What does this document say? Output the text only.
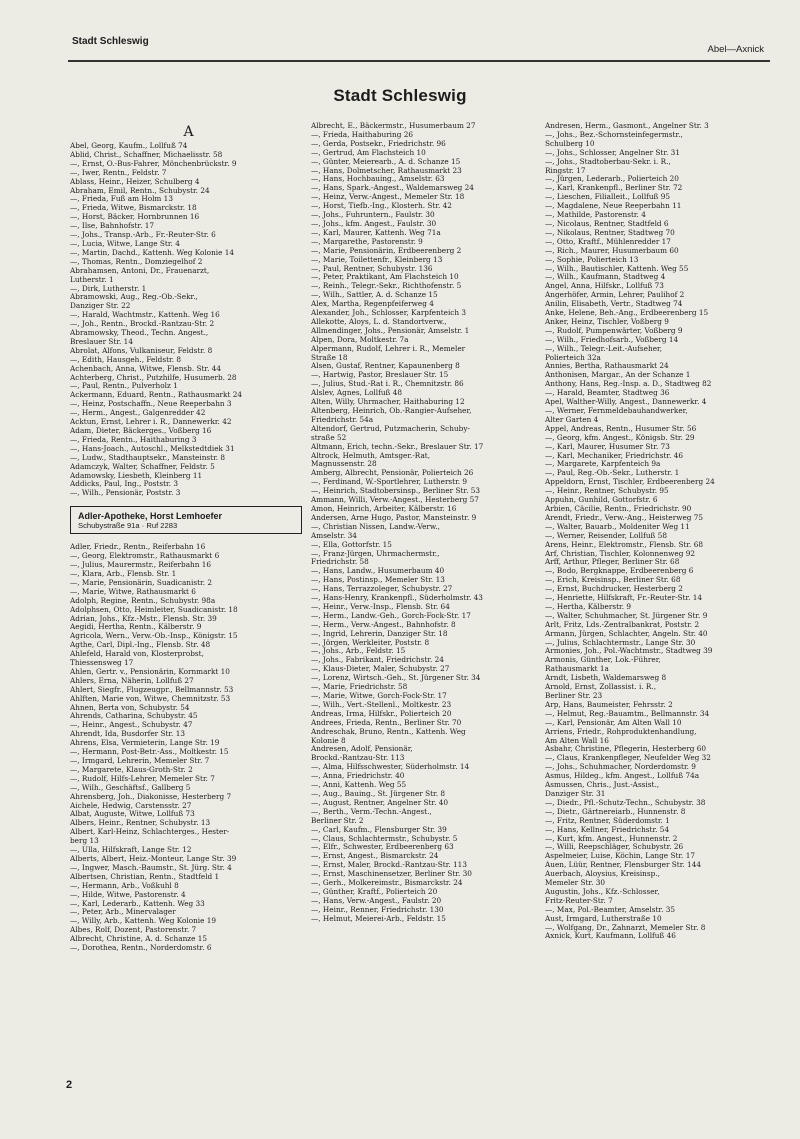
Stadt Schleswig
Abel—Axnick
Stadt Schleswig
A
Abel, Georg, Kaufm., Lollfuß 74
Ablid, Christ., Schaffner, Michaelisstr. 58
—, Ernst, O.-Bus-Fahrer, Mönchenbrückstr. 9
—, Iwer, Rentn., Feldstr. 7
Ablass, Heinr., Heizer, Schulberg 4
Abraham, Emil, Rentn., Schubystr. 24
—, Frieda, Fuß am Holm 13
—, Frieda, Witwe, Bismarckstr. 18
—, Horst, Bäcker, Hornbrunnen 16
—, Ilse, Bahnhofstr. 17
—, Johs., Transp.-Arb., Fr.-Reuter-Str. 6
—, Lucia, Witwe, Lange Str. 4
—, Martin, Dachd., Kattenh. Weg Kolonie 14
—, Thomas, Rentn., Domziegelhof 2
Abrahamsen, Antoni, Dr., Frauenarzt,
Lutherstr. 1
—, Dirk, Lutherstr. 1
Abramowski, Aug., Reg.-Ob.-Sekr.,
Danziger Str. 22
—, Harald, Wachtmstr., Kattenh. Weg 16
—, Joh., Rentn., Brockd.-Rantzau-Str. 2
Abramowsky, Theod., Techn. Angest.,
Breslauer Str. 14
Abrolat, Alfons, Vulkaniseur, Feldstr. 8
—, Edith, Hausgeh., Feldstr. 8
Achenbach, Anna, Witwe, Flensb. Str. 44
Achterberg, Christ., Putzhilfe, Husumerb. 28
—, Paul, Rentn., Pulverholz 1
Ackermann, Eduard, Rentn., Rathausmarkt 24
—, Heinz, Postschaffn., Neue Reeperbahn 3
—, Herm., Angest., Galgenredder 42
Acktun, Ernst, Lehrer i. R., Dannewerkr. 42
Adam, Dieter, Bäckerges., Voßberg 16
—, Frieda, Rentn., Haithaburing 3
—, Hans-Joach., Autoschl., Melkstedtdiek 31
—, Ludw., Stadthauptsekr., Mansteinstr. 8
Adamczyk, Walter, Schaffner, Feldstr. 5
Adamowsky, Liesbeth, Kleinberg 11
Addicks, Paul, Ing., Poststr. 3
—, Wilh., Pensionär, Poststr. 3
Adler-Apotheke, Horst Lemhoefer
Schubystraße 91a · Ruf 2283
Adler, Friedr., Rentn., Reiferbahn 16
—, Georg, Elektromstr., Rathausmarkt 6
—, Julius, Maurermstr., Reiferbahn 16
—, Klara, Arb., Flensb. Str. 1
—, Marie, Pensionärin, Suadicanistr. 2
—, Marie, Witwe, Rathausmarkt 6
Adolph, Regine, Rentn., Schubystr. 98a
Adolphsen, Otto, Heimleiter, Suadicanistr. 18
Adrian, Johs., Kfz.-Mstr., Flensb. Str. 39
Aegidi, Hertha, Rentn., Kälberstr. 9
Agricola, Wern., Verw.-Ob.-Insp., Königstr. 15
Agthe, Carl, Dipl.-Ing., Flensb. Str. 48
Ahlefeld, Harald von, Klosterprobst,
Thiessensweg 17
Ahlen, Gertr. v., Pensionärin, Kornmarkt 10
Ahlers, Erna, Näherin, Lollfuß 27
Ahlert, Siegfr., Flugzeugpr., Bellmannstr. 53
Ahlften, Marie von, Witwe, Chemnitzstr. 53
Ahnen, Berta von, Schubystr. 54
Ahrends, Catharina, Schubystr. 45
—, Heinr., Angest., Schubystr. 47
Ahrendt, Ida, Busdorfer Str. 13
Ahrens, Elsa, Vermieterin, Lange Str. 19
—, Hermann, Post-Betr.-Ass., Moltkestr. 15
—, Irmgard, Lehrerin, Memeler Str. 7
—, Margarete, Klaus-Groth-Str. 2
—, Rudolf, Hilfs-Lehrer, Memeler Str. 7
—, Wilh., Geschäftsf., Gallberg 5
Ahrensberg, Joh., Diakonisse, Hesterberg 7
Aichele, Hedwig, Carstensstr. 27
Albat, Auguste, Witwe, Lollfuß 73
Albers, Heinr., Rentner, Schubystr. 13
Albert, Karl-Heinz, Schlachterges., Hester-
berg 13
—, Ulla, Hilfskraft, Lange Str. 12
Alberts, Albert, Heiz.-Monteur, Lange Str. 39
—, Ingwer, Masch.-Baumstr., St. Jürg. Str. 4
Albertsen, Christian, Rentn., Stadtfeld 1
—, Hermann, Arb., Voßkuhl 8
—, Hilde, Witwe, Pastorenstr. 4
—, Karl, Lederarb., Kattenh. Weg 33
—, Peter, Arb., Minervalager
—, Willy, Arb., Kattenh. Weg Kolonie 19
Albes, Rolf, Dozent, Pastorenstr. 7
Albrecht, Christine, A. d. Schanze 15
—, Dorothea, Rentn., Norderdomstr. 6
Albrecht, E., Bäckermstr., Husumerbaum 27
—, Frieda, Haithaburing 26
—, Gerda, Postsekr., Friedrichstr. 96
—, Gertrud, Am Flachsteich 10
—, Günter, Meierearb., A. d. Schanze 15
—, Hans, Dolmetscher, Rathausmarkt 23
—, Hans, Hochbauing., Amselstr. 63
—, Hans, Spark.-Angest., Waldemarsweg 24
—, Heinz, Verw.-Angest., Memeler Str. 18
—, Horst, Tiefb.-Ing., Klosterh. Str. 42
—, Johs., Fuhruntern., Faulstr. 30
—, Johs., kfm. Angest., Faulstr. 30
—, Karl, Maurer, Kattenh. Weg 71a
—, Margarethe, Pastorenstr. 9
—, Marie, Pensionärin, Erdbeerenberg 2
—, Marie, Toilettenfr., Kleinberg 13
—, Paul, Rentner, Schubystr. 136
—, Peter, Praktikant, Am Flachsteich 10
—, Reinh., Telegr.-Sekr., Richthofenstr. 5
—, Wilh., Sattler, A. d. Schanze 15
Alex, Martha, Regenpfeiferweg 4
Alexander, Joh., Schlosser, Karpfenteich 3
Allekotte, Aloys, L. d. Standortverw.,
Allmendinger, Johs., Pensionär, Amselstr. 1
Alpen, Dora, Moltkestr. 7a
Alpermann, Rudolf, Lehrer i. R., Memeler
Straße 18
Alsen, Gustaf, Rentner, Kapaunenberg 8
—, Hartwig, Pastor, Breslauer Str. 15
—, Julius, Stud.-Rat i. R., Chemnitzstr. 86
Alslev, Agnes, Lollfuß 48
Alten, Willy, Uhrmacher, Haithaburing 12
Altenberg, Heinrich, Ob.-Rangier-Aufseher,
Friedrichstr. 54a
Altendorf, Gertrud, Putzmacherin, Schuby-
straße 52
Altmann, Erich, techn.-Sekr., Breslauer Str. 17
Altrock, Helmuth, Amtsger.-Rat,
Magnussenstr. 28
Amberg, Albrecht, Pensionär, Polierteich 26
—, Ferdinand, W.-Sportlehrer, Lutherstr. 9
—, Heinrich, Stadtobersinsp., Berliner Str. 53
Ammann, Willi, Verw.-Angest., Hesterberg 57
Amon, Heinrich, Arbeiter, Kälberstr. 16
Andersen, Arne Hugo, Pastor, Mansteinstr. 9
—, Christian Nissen, Landw.-Verw.,
Amselstr. 34
—, Ella, Gottorfstr. 15
—, Franz-Jürgen, Uhrmachermstr.,
Friedrichstr. 58
—, Hans, Landw., Husumerbaum 40
—, Hans, Postinsp., Memeler Str. 13
—, Hans, Terrazzoleger, Schubystr. 27
—, Hans-Henry, Krankenpfl., Süderholmstr. 43
—, Heinr., Verw.-Insp., Flensb. Str. 64
—, Herm., Landw.-Geh., Gorch-Fock-Str. 17
—, Herm., Verw.-Angest., Bahnhofstr. 8
—, Ingrid, Lehrerin, Danziger Str. 18
—, Jörgen, Werkleiter, Poststr. 8
—, Johs., Arb., Feldstr. 15
—, Johs., Fabrikant, Friedrichstr. 24
—, Klaus-Dieter, Maler, Schubystr. 27
—, Lorenz, Wirtsch.-Geh., St. Jürgener Str. 34
—, Marie, Friedrichstr. 58
—, Marie, Witwe, Gorch-Fock-Str. 17
—, Wilh., Vert.-Stellenl., Moltkestr. 23
Andreas, Irma, Hilfskr., Polierteich 20
Andrees, Frieda, Rentn., Berliner Str. 70
Andreschak, Bruno, Rentn., Kattenh. Weg
Kolonie 8
Andresen, Adolf, Pensionär,
Brockd.-Rantzau-Str. 113
—, Alma, Hilfsschwester, Süderholmstr. 14
—, Anna, Friedrichstr. 40
—, Anni, Kattenh. Weg 55
—, Aug., Bauing., St. Jürgener Str. 8
—, August, Rentner, Angelner Str. 40
—, Berth., Verm.-Techn.-Angest.,
Berliner Str. 2
—, Carl, Kaufm., Flensburger Str. 39
—, Claus, Schlachtermstr., Schubystr. 5
—, Elfr., Schwester, Erdbeerenberg 63
—, Ernst, Angest., Bismarckstr. 24
—, Ernst, Maler, Brockd.-Rantzau-Str. 113
—, Ernst, Maschinensetzer, Berliner Str. 30
—, Gerh., Molkereimstr., Bismarckstr. 24
—, Günther, Kraftf., Polierteich 20
—, Hans, Verw.-Angest., Faulstr. 20
—, Heinr., Renner, Friedrichstr. 130
—, Helmut, Meierei-Arb., Feldstr. 15
Andresen, Herm., Gasmont., Angelner Str. 3
—, Johs., Bez.-Schornsteinfegermstr.,
Schulberg 10
—, Johs., Schlosser, Angelner Str. 31
—, Johs., Stadtoberbau-Sekr. i. R.,
Ringstr. 17
—, Jürgen, Lederarb., Polierteich 20
—, Karl, Krankenpfl., Berliner Str. 72
—, Lieschen, Filialleit., Lollfuß 95
—, Magdalene, Neue Reeperbahn 11
—, Mathilde, Pastorenstr. 4
—, Nicolaus, Rentner, Stadtfeld 6
—, Nikolaus, Rentner, Stadtweg 70
—, Otto, Kraftf., Mühlenredder 17
—, Rich., Maurer, Husumerbaum 60
—, Sophie, Polierteich 13
—, Wilh., Bautischler, Kattenh. Weg 55
—, Wilh., Kaufmann, Stadtweg 4
Angel, Anna, Hilfskr., Lollfuß 73
Angerhöfer, Armin, Lehrer, Paulihof 2
Anilin, Elisabeth, Vertr., Stadtweg 74
Anke, Helene, Beh.-Ang., Erdbeerenberg 15
Anker, Heinz, Tischler, Voßberg 9
—, Rudolf, Pumpenwärter, Voßberg 9
—, Wilh., Friedhofsarb., Voßberg 14
—, Wilh., Telegr.-Leit.-Aufseher,
Polierteich 32a
Annies, Bertha, Rathausmarkt 24
Anthonisen, Margar., An der Schanze 1
Anthony, Hans, Reg.-Insp. a. D., Stadtweg 82
—, Harald, Beamter, Stadtweg 36
Apel, Walther-Willy, Angest., Dannewerkr. 4
—, Werner, Fernmeldebauhandwerker,
Alter Garten 4
Appel, Andreas, Rentn., Husumer Str. 56
—, Georg, kfm. Angest., Königsb. Str. 29
—, Karl, Maurer, Husumer Str. 73
—, Karl, Mechaniker, Friedrichstr. 46
—, Margarete, Karpfenteich 9a
—, Paul, Reg.-Ob.-Sekr., Lutherstr. 1
Appeldorn, Ernst, Tischler, Erdbeerenberg 24
—, Heinr., Rentner, Schubystr. 95
Appuhn, Gunhild, Gottorfstr. 6
Arbien, Cäcilie, Rentn., Friedrichstr. 90
Arendt, Friedr., Verw.-Ang., Heisterweg 75
—, Walter, Bauarb., Moldeniter Weg 11
—, Werner, Reisender, Lollfuß 58
Arens, Heinr., Elektromstr., Flensb. Str. 68
Arf, Christian, Tischler, Kolonnenweg 92
Arff, Arthur, Pfleger, Berliner Str. 68
—, Bodo, Bergknappe, Erdbeerenberg 6
—, Erich, Kreisinsp., Berliner Str. 68
—, Ernst, Buchdrucker, Hesterberg 2
—, Henriette, Hilfskraft, Fr.-Reuter-Str. 14
—, Hertha, Kälberstr. 9
—, Walter, Schuhmacher, St. Jürgener Str. 9
Arlt, Fritz, Lds.-Zentralbankrat, Poststr. 2
Armann, Jürgen, Schlachter, Angeln. Str. 40
—, Julius, Schlachtermstr., Lange Str. 30
Armonies, Joh., Pol.-Wachtmstr., Stadtweg 39
Armonis, Günther, Lok.-Führer,
Rathausmarkt 1a
Arndt, Lisbeth, Waldemarsweg 8
Arnold, Ernst, Zollassist. i. R.,
Berliner Str. 23
Arp, Hans, Baumeister, Fehrsstr. 2
—, Helmut, Reg.-Bauamtm., Bellmannstr. 34
—, Karl, Pensionär, Am Alten Wall 10
Arriens, Friedr., Rohproduktenhandlung,
Am Alten Wall 16
Asbahr, Christine, Pflegerin, Hesterberg 60
—, Claus, Krankenpfleger, Neufelder Weg 32
—, Johs., Schuhmacher, Norderdomstr. 9
Asmus, Hildeg., kfm. Angest., Lollfuß 74a
Asmussen, Chris., Just.-Assist.,
Danziger Str. 31
—, Diedr., Pfl.-Schutz-Techn., Schubystr. 38
—, Dietr., Gärtnereiarb., Hunnenstr. 8
—, Fritz, Rentner, Süderdomstr. 1
—, Hans, Kellner, Friedrichstr. 54
—, Kurt, kfm. Angest., Hunnenstr. 2
—, Willi, Reepschläger, Schubystr. 26
Aspelmeier, Luise, Köchin, Lange Str. 17
Auen, Lüür, Rentner, Flensburger Str. 144
Auerbach, Aloysius, Kreisinsp.,
Memeler Str. 30
Augustin, Johs., Kfz.-Schlosser,
Fritz-Reuter-Str. 7
—, Max, Pol.-Beamter, Amselstr. 35
Aust, Irmgard, Lutherstraße 10
—, Wolfgang, Dr., Zahnarzt, Memeler Str. 8
Axnick, Kurt, Kaufmann, Lollfuß 46
2
